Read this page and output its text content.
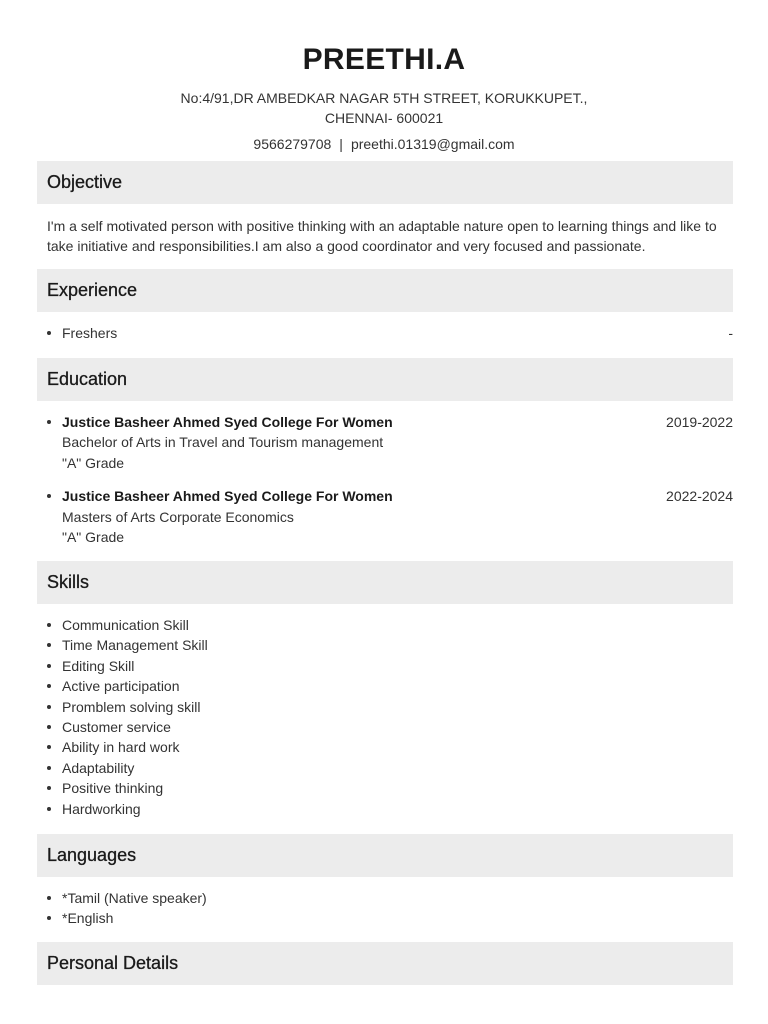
PREETHI.A
No:4/91,DR AMBEDKAR NAGAR 5TH STREET, KORUKKUPET., CHENNAI- 600021
9566279708 | preethi.01319@gmail.com
Objective

I'm a self motivated person with positive thinking with an adaptable nature open to learning things and like to take initiative and responsibilities.I am also a good coordinator and very focused and passionate.

Experience
Freshers	-
Education
Justice Basheer Ahmed Syed College For Women	2019-2022
Bachelor of Arts in Travel and Tourism management
"A" Grade
Justice Basheer Ahmed Syed College For Women	2022-2024
Masters of Arts Corporate Economics
"A" Grade
Skills
Communication Skill
Time Management Skill
Editing Skill
Active participation
Promblem solving skill
Customer service
Ability in hard work
Adaptability
Positive thinking
Hardworking
Languages
*Tamil (Native speaker)
*English
Personal Details
